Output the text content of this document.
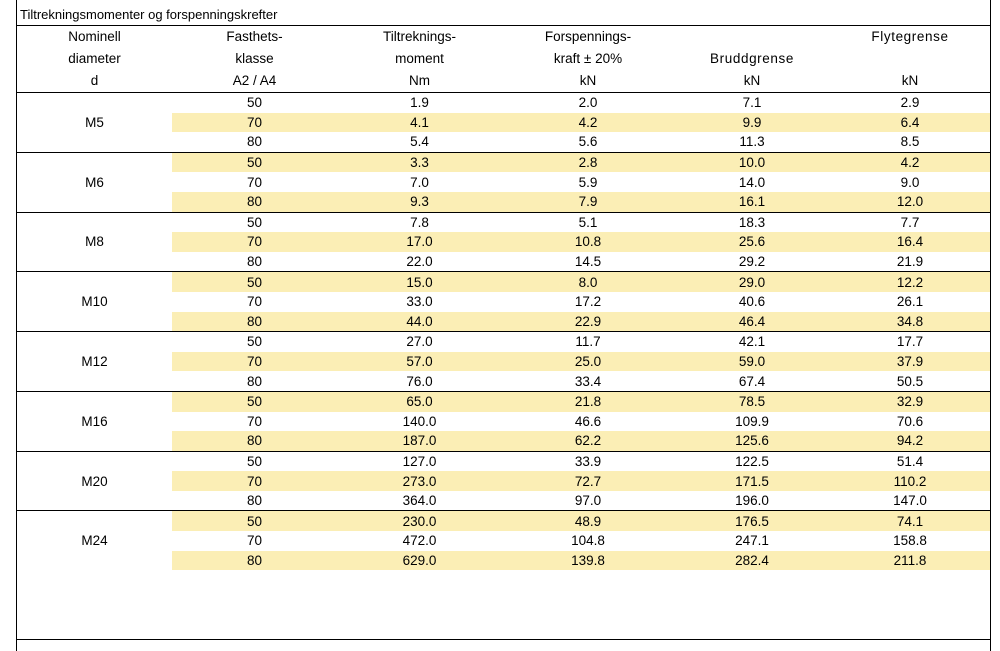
Tiltrekningsmomenter og forspenningskrefter
Nominell	Fasthets-	Tiltreknings-	Forspennings-		Flytegrense
diameter	klasse	moment	kraft ± 20%	Bruddgrense	
d	A2 / A4	Nm	kN	kN	kN
	50	1.9	2.0	7.1	2.9
M5	70	4.1	4.2	9.9	6.4
	80	5.4	5.6	11.3	8.5
	50	3.3	2.8	10.0	4.2
M6	70	7.0	5.9	14.0	9.0
	80	9.3	7.9	16.1	12.0
	50	7.8	5.1	18.3	7.7
M8	70	17.0	10.8	25.6	16.4
	80	22.0	14.5	29.2	21.9
	50	15.0	8.0	29.0	12.2
M10	70	33.0	17.2	40.6	26.1
	80	44.0	22.9	46.4	34.8
	50	27.0	11.7	42.1	17.7
M12	70	57.0	25.0	59.0	37.9
	80	76.0	33.4	67.4	50.5
	50	65.0	21.8	78.5	32.9
M16	70	140.0	46.6	109.9	70.6
	80	187.0	62.2	125.6	94.2
	50	127.0	33.9	122.5	51.4
M20	70	273.0	72.7	171.5	110.2
	80	364.0	97.0	196.0	147.0
	50	230.0	48.9	176.5	74.1
M24	70	472.0	104.8	247.1	158.8
	80	629.0	139.8	282.4	211.8
